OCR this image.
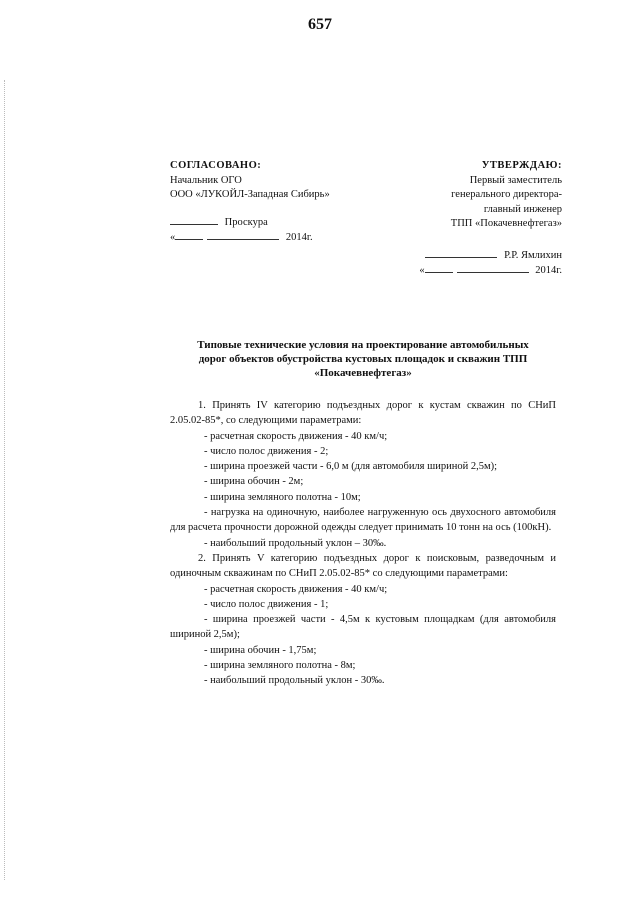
657
СОГЛАСОВАНО:
Начальник ОГО
ООО «ЛУКОЙЛ-Западная Сибирь»
Проскура
«	2014г.
УТВЕРЖДАЮ:
Первый заместитель
генерального директора-
главный инженер
ТПП «Покачевнефтегаз»
Р.Р. Ямлихин
«	2014г.
Типовые технические условия на проектирование автомобильных
дорог объектов обустройства кустовых площадок и скважин ТПП
«Покачевнефтегаз»

1. Принять IV категорию подъездных дорог к кустам скважин по СНиП 2.05.02-85*, со следующими параметрами:

- расчетная скорость движения - 40 км/ч;

- число полос движения - 2;

- ширина проезжей части - 6,0 м (для автомобиля шириной 2,5м);

- ширина обочин - 2м;

- ширина земляного полотна - 10м;

- нагрузка на одиночную, наиболее нагруженную ось двухосного автомобиля для расчета прочности дорожной одежды следует принимать 10 тонн на ось (100кН).

- наибольший продольный уклон – 30‰.

2. Принять V категорию подъездных дорог к поисковым, разведочным и одиночным скважинам по СНиП 2.05.02-85* со следующими параметрами:

- расчетная скорость движения - 40 км/ч;

- число полос движения - 1;

- ширина проезжей части - 4,5м к кустовым площадкам (для автомобиля шириной 2,5м);

- ширина обочин - 1,75м;

- ширина земляного полотна - 8м;

- наибольший продольный уклон - 30‰.
